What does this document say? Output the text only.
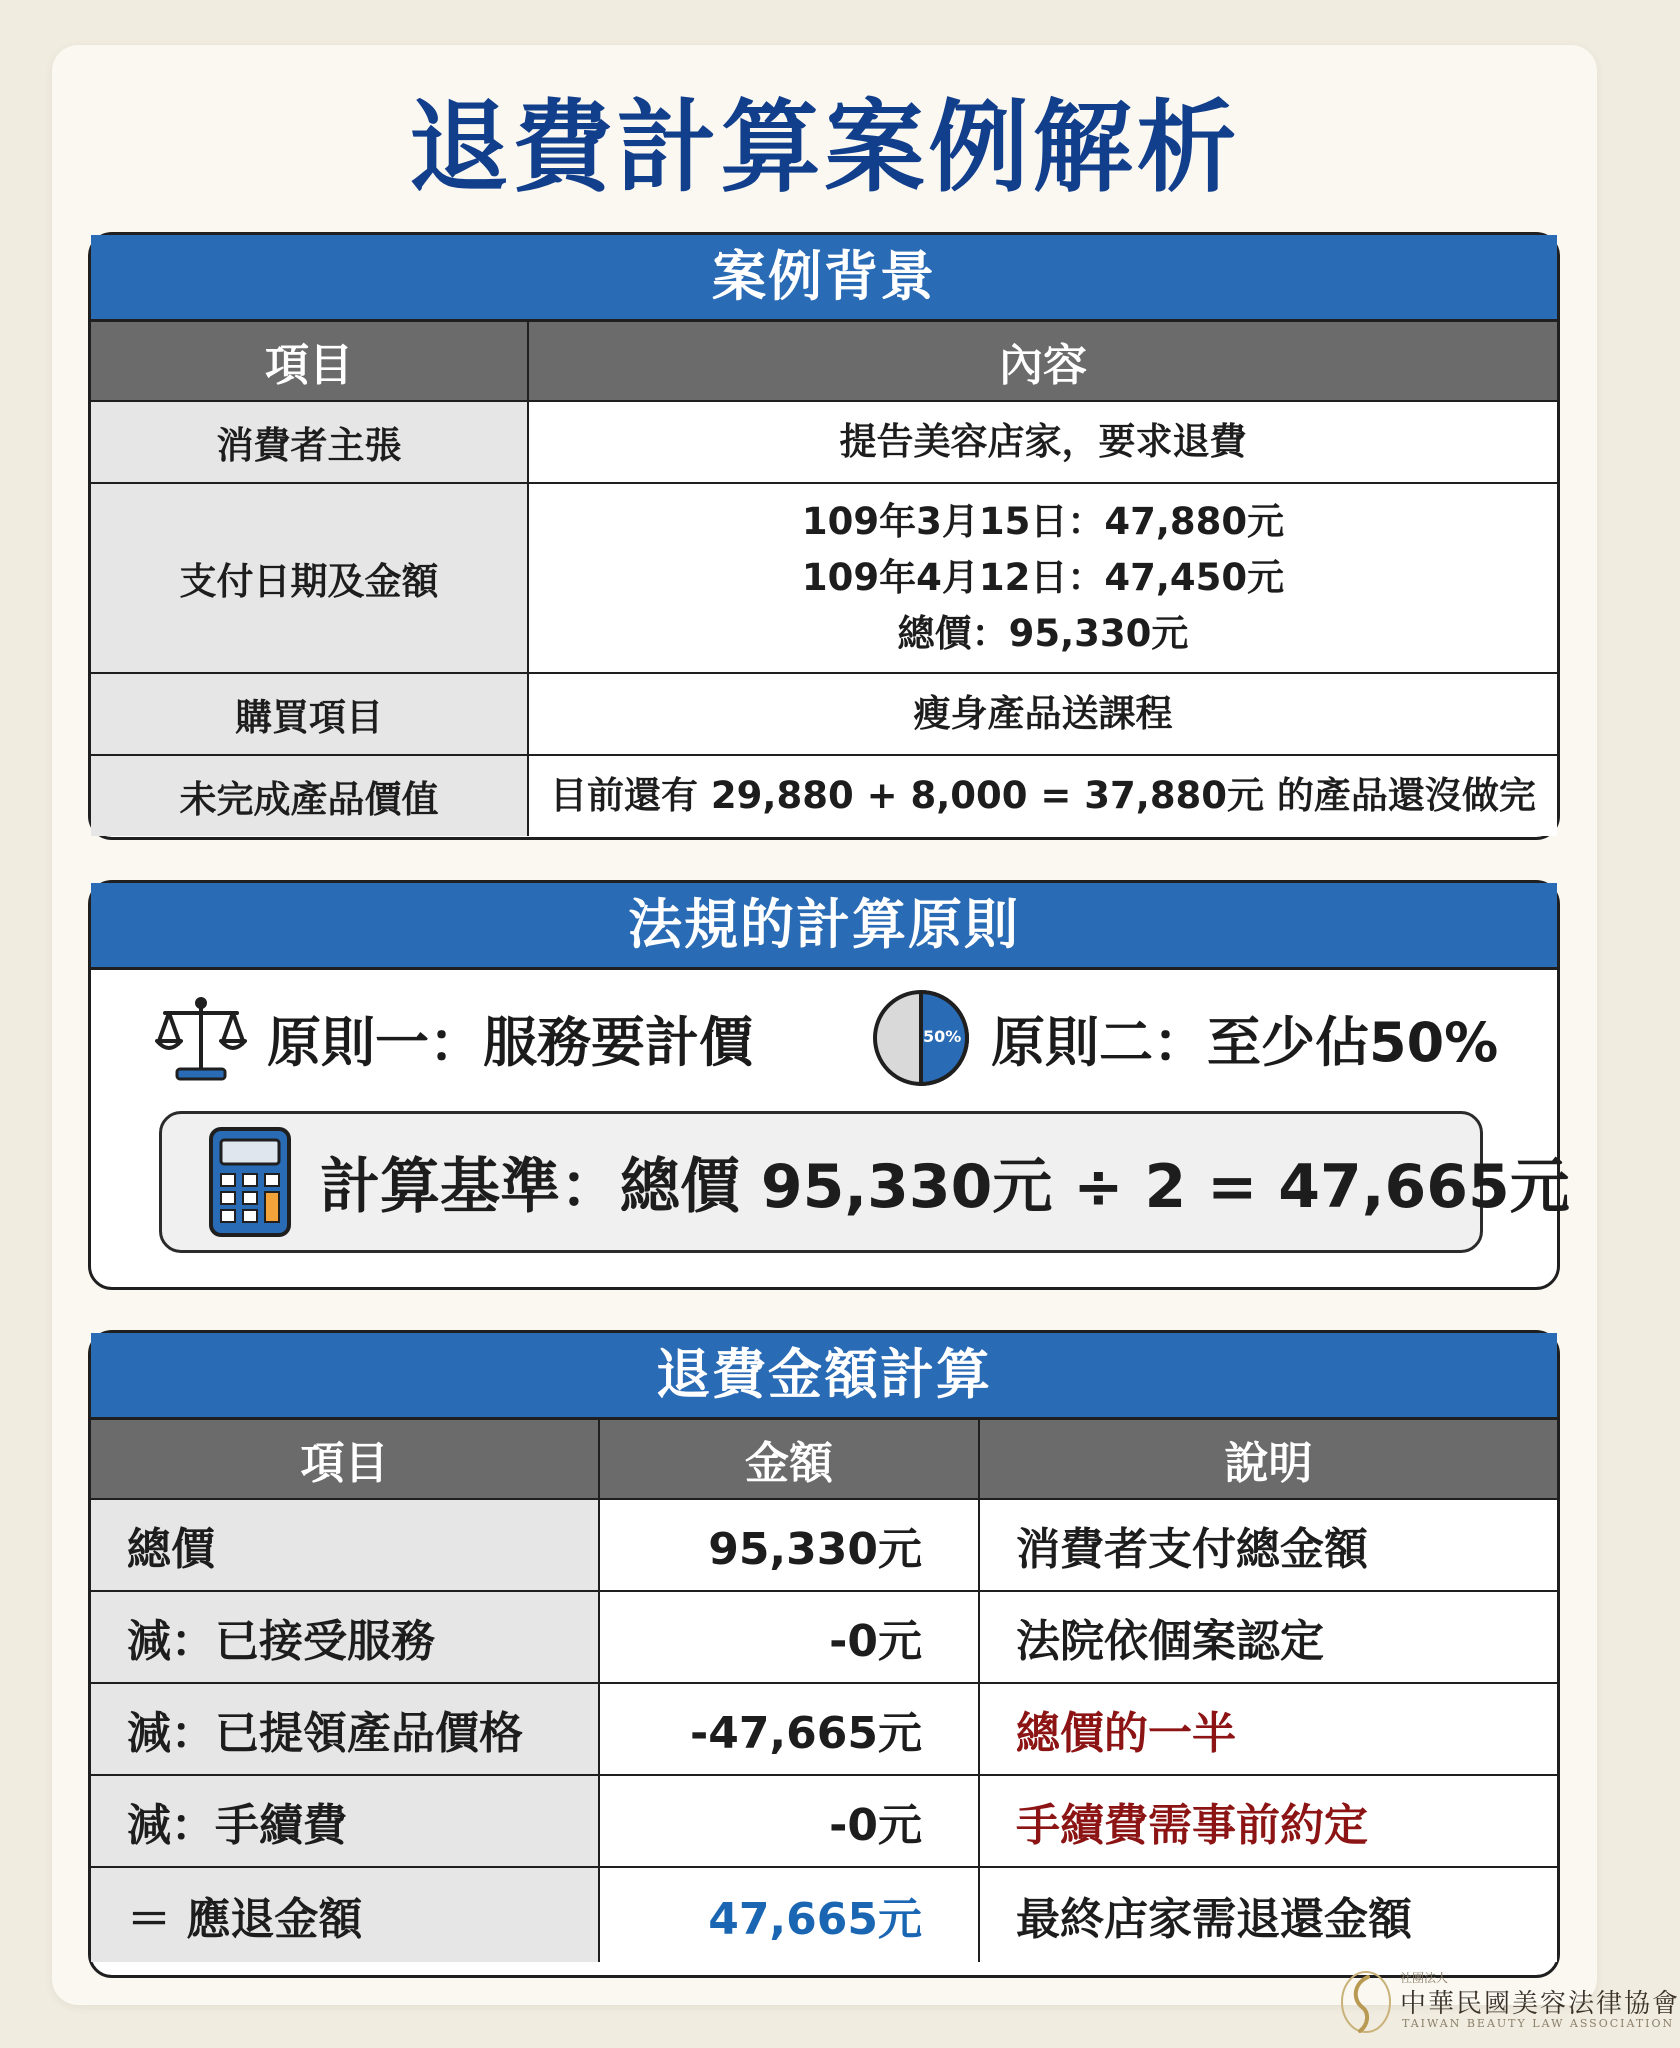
退費計算案例解析
案例背景
項目	內容
消費者主張	提告美容店家，要求退費

支付日期及金額	109年3月15日：47,880元
109年4月12日：47,450元
總價：95,330元

購買項目	瘦身產品送課程

未完成產品價值	目前還有 29,880 + 8,000 = 37,880元 的產品還沒做完
法規的計算原則
原則一：服務要計價	50% 原則二：至少佔50%
計算基準：總價 95,330元 ÷ 2 = 47,665元
退費金額計算
項目	金額	說明
總價	95,330元	消費者支付總金額
減：已接受服務	-0元	法院依個案認定
減：已提領產品價格	-47,665元	總價的一半
減：手續費	-0元	手續費需事前約定
＝ 應退金額	47,665元	最終店家需退還金額
社團法人
中華民國美容法律協會
TAIWAN BEAUTY LAW ASSOCIATION
